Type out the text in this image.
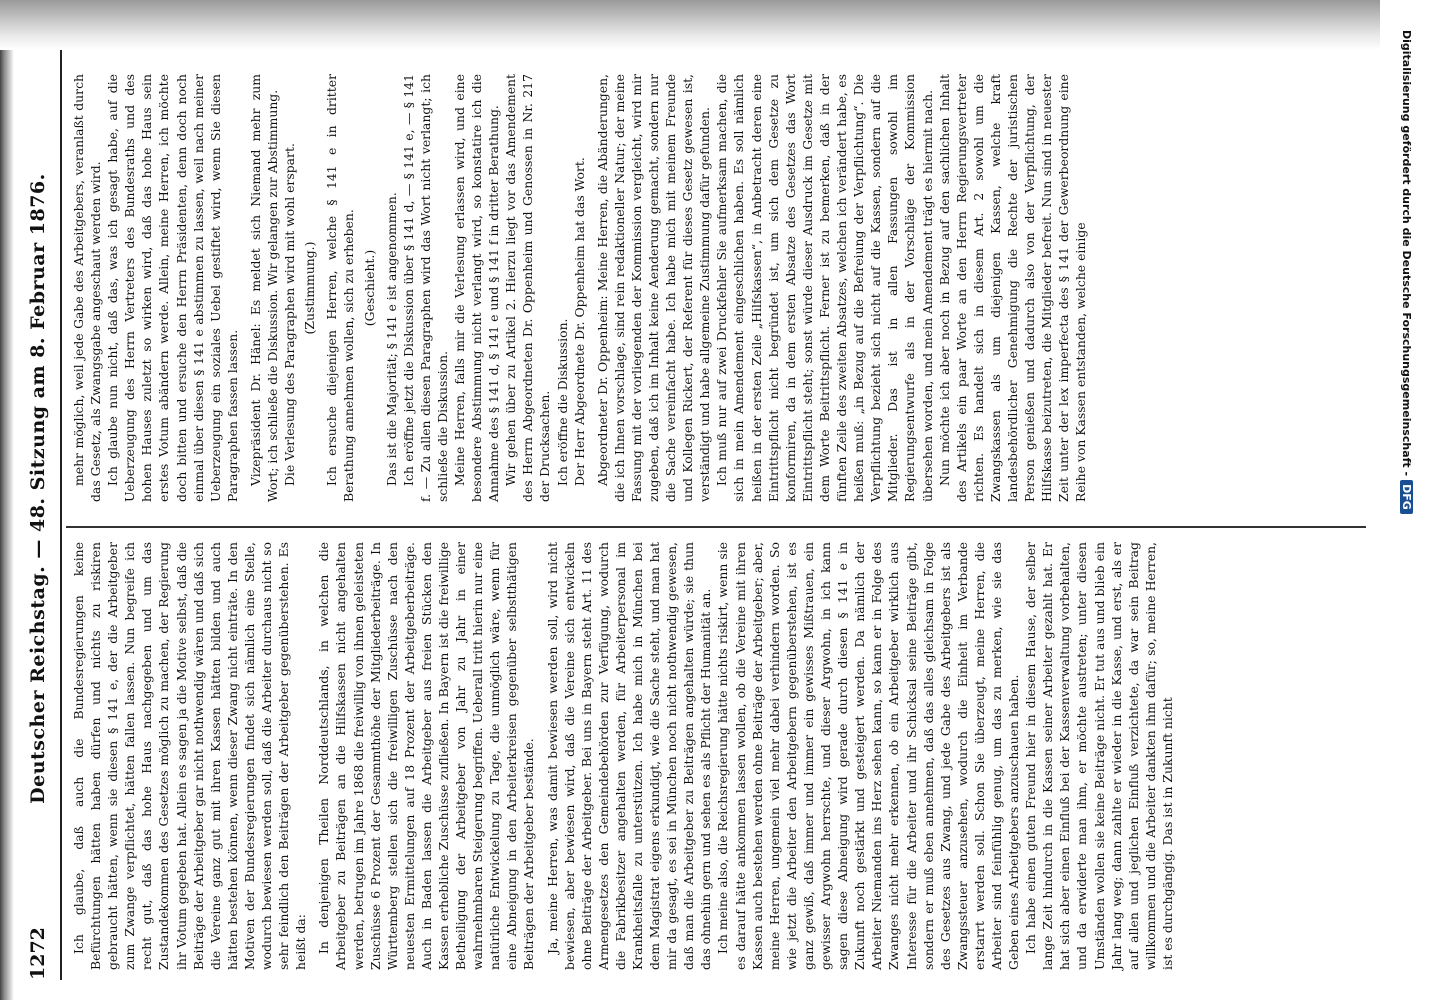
1272
Deutscher Reichstag. — 48. Sitzung am 8. Februar 1876. Ich glaube, daß auch die Bundesregierungen keine Befürchtungen hätten haben dürfen und nichts zu riskiren gebraucht hätten, wenn sie diesen § 141 e, der die Arbeitgeber zum Zwange verpflichtet, hätten fallen lassen. Nun begreife ich recht gut, daß das hohe Haus nachgegeben und um das Zustandekommen des Gesetzes möglich zu machen, der Regierung ihr Votum gegeben hat. Allein es sagen ja die Motive selbst, daß die Beiträge der Arbeitgeber gar nicht nothwendig wären und daß sich die Vereine ganz gut mit ihren Kassen hätten bilden und auch hätten bestehen können, wenn dieser Zwang nicht einträte. In den Motiven der Bundesregierungen findet sich nämlich eine Stelle, wodurch bewiesen werden soll, daß die Arbeiter durchaus nicht so sehr feindlich den Beiträgen der Arbeitgeber gegenüberstehen. Es heißt da: In denjenigen Theilen Norddeutschlands, in welchen die Arbeitgeber zu Beiträgen an die Hilfskassen nicht angehalten werden, betrugen im Jahre 1868 die freiwillig von ihnen geleisteten Zuschüsse 6 Prozent der Gesammthöhe der Mitgliederbeiträge. In Württemberg stellen sich die freiwilligen Zuschüsse nach den neuesten Ermittelungen auf 18 Prozent der Arbeitgeberbeiträge. Auch in Baden lassen die Arbeitgeber aus freien Stücken den Kassen erhebliche Zuschüsse zufließen. In Bayern ist die freiwillige Betheiligung der Arbeitgeber von Jahr zu Jahr in einer wahrnehmbaren Steigerung begriffen. Ueberall tritt hierin nur eine natürliche Entwickelung zu Tage, die unmöglich wäre, wenn für eine Abneigung in den Arbeiterkreisen gegenüber selbstthätigen Beiträgen der Arbeitgeber bestände. Ja, meine Herren, was damit bewiesen werden soll, wird nicht bewiesen, aber bewiesen wird, daß die Vereine sich entwickeln ohne Beiträge der Arbeitgeber. Bei uns in Bayern steht Art. 11 des Armengesetzes den Gemeindebehörden zur Verfügung, wodurch die Fabrikbesitzer angehalten werden, für Arbeiterpersonal im Krankheitsfalle zu unterstützen. Ich habe mich in München bei dem Magistrat eigens erkundigt, wie die Sache steht, und man hat mir da gesagt, es sei in München noch nicht nothwendig gewesen, daß man die Arbeitgeber zu Beiträgen angehalten würde; sie thun das ohnehin gern und sehen es als Pflicht der Humanität an. Ich meine also, die Reichsregierung hätte nichts riskirt, wenn sie es darauf hätte ankommen lassen wollen, ob die Vereine mit ihren Kassen auch bestehen werden ohne Beiträge der Arbeitgeber; aber, meine Herren, ungemein viel mehr dabei verhindern worden. So wie jetzt die Arbeiter den Arbeitgebern gegenüberstehen, ist es ganz gewiß, daß immer und immer ein gewisses Mißtrauen, ein gewisser Argwohn herrschte, und dieser Argwohn, in ich kann sagen diese Abneigung wird gerade durch diesen § 141 e in Zukunft noch gestärkt und gesteigert werden. Da nämlich der Arbeiter Niemanden ins Herz sehen kann, so kann er in Folge des Zwanges nicht mehr erkennen, ob ein Arbeitgeber wirklich aus Interesse für die Arbeiter und ihr Schicksal seine Beiträge gibt, sondern er muß eben annehmen, daß das alles gleichsam in Folge des Gesetzes aus Zwang, und jede Gabe des Arbeitgebers ist als Zwangssteuer anzusehen, wodurch die Einheit im Verbande erstarrt werden soll. Schon Sie überzeugt, meine Herren, die Arbeiter sind feinfühlig genug, um das zu merken, wie sie das Geben eines Arbeitgebers anzuschauen haben. Ich habe einen guten Freund hier in diesem Hause, der selber lange Zeit hindurch in die Kassen seiner Arbeiter gezahlt hat. Er hat sich aber einen Einfluß bei der Kassenverwaltung vorbehalten, und da erwiderte man ihm, er möchte austreten; unter diesen Umständen wollen sie keine Beiträge nicht. Er tut aus und blieb ein Jahr lang weg; dann zahlte er wieder in die Kasse, und erst, als er auf allen und jeglichen Einfluß verzichtete, da war sein Beitrag willkommen und die Arbeiter dankten ihm dafür; so, meine Herren, ist es durchgängig. Das ist in Zukunft nicht

mehr möglich, weil jede Gabe des Arbeitgebers, veranlaßt durch das Gesetz, als Zwangsgabe angeschaut werden wird. Ich glaube nun nicht, daß das, was ich gesagt habe, auf die Ueberzeugung des Herrn Vertreters des Bundesraths und des hohen Hauses zuletzt so wirken wird, daß das hohe Haus sein erstes Votum abändern werde. Allein, meine Herren, ich möchte doch bitten und ersuche den Herrn Präsidenten, denn doch noch einmal über diesen § 141 e abstimmen zu lassen, weil nach meiner Ueberzeugung ein soziales Uebel gestiftet wird, wenn Sie diesen Paragraphen fassen lassen. Vizepräsident Dr. Hänel: Es meldet sich Niemand mehr zum Wort; ich schließe die Diskussion. Wir gelangen zur Abstimmung. Die Verlesung des Paragraphen wird mit wohl erspart. (Zustimmung.) Ich ersuche diejenigen Herren, welche § 141 e in dritter Berathung annehmen wollen, sich zu erheben. (Geschieht.) Das ist die Majorität; § 141 e ist angenommen. Ich eröffne jetzt die Diskussion über § 141 d, — § 141 e, — § 141 f. — Zu allen diesen Paragraphen wird das Wort nicht verlangt; ich schließe die Diskussion. Meine Herren, falls mir die Verlesung erlassen wird, und eine besondere Abstimmung nicht verlangt wird, so konstatire ich die Annahme des § 141 d, § 141 e und § 141 f in dritter Berathung. Wir gehen über zu Artikel 2. Hierzu liegt vor das Amendement des Herrn Abgeordneten Dr. Oppenheim und Genossen in Nr. 217 der Drucksachen. Ich eröffne die Diskussion. Der Herr Abgeordnete Dr. Oppenheim hat das Wort. Abgeordneter Dr. Oppenheim: Meine Herren, die Abänderungen, die ich Ihnen vorschlage, sind rein redaktioneller Natur; der meine Fassung mit der vorliegenden der Kommission vergleicht, wird mir zugeben, daß ich im Inhalt keine Aenderung gemacht, sondern nur die Sache vereinfacht habe. Ich habe mich mit meinem Freunde und Kollegen Rickert, der Referent für dieses Gesetz gewesen ist, verständigt und habe allgemeine Zustimmung dafür gefunden. Ich muß nur auf zwei Druckfehler Sie aufmerksam machen, die sich in mein Amendement eingeschlichen haben. Es soll nämlich heißen in der ersten Zeile „Hilfskassen“, in Anbetracht deren eine Eintrittspflicht nicht begründet ist, um sich dem Gesetze zu konformiren, da in dem ersten Absatze des Gesetzes das Wort Eintrittspflicht steht; sonst würde dieser Ausdruck im Gesetze mit dem Worte Beitrittspflicht. Ferner ist zu bemerken, daß in der fünften Zeile des zweiten Absatzes, welchen ich verändert habe, es heißen muß: „in Bezug auf die Befreiung der Verpflichtung“. Die Verpflichtung bezieht sich nicht auf die Kassen, sondern auf die Mitglieder. Das ist in allen Fassungen sowohl im Regierungsentwurfe als in der Vorschläge der Kommission übersehen worden, und mein Amendement trägt es hiermit nach. Nun möchte ich aber noch in Bezug auf den sachlichen Inhalt des Artikels ein paar Worte an den Herrn Regierungsvertreter richten. Es handelt sich in diesem Art. 2 sowohl um die Zwangskassen als um diejenigen Kassen, welche kraft landesbehördlicher Genehmigung die Rechte der juristischen Person genießen und dadurch also von der Verpflichtung, der Hilfskasse beizutreten, die Mitglieder befreit. Nun sind in neuester Zeit unter der lex imperfecta des § 141 der Gewerbeordnung eine Reihe von Kassen entstanden, welche einige	Digitalisierung gefördert durch die Deutsche Forschungsgemeinschaft -DFG
